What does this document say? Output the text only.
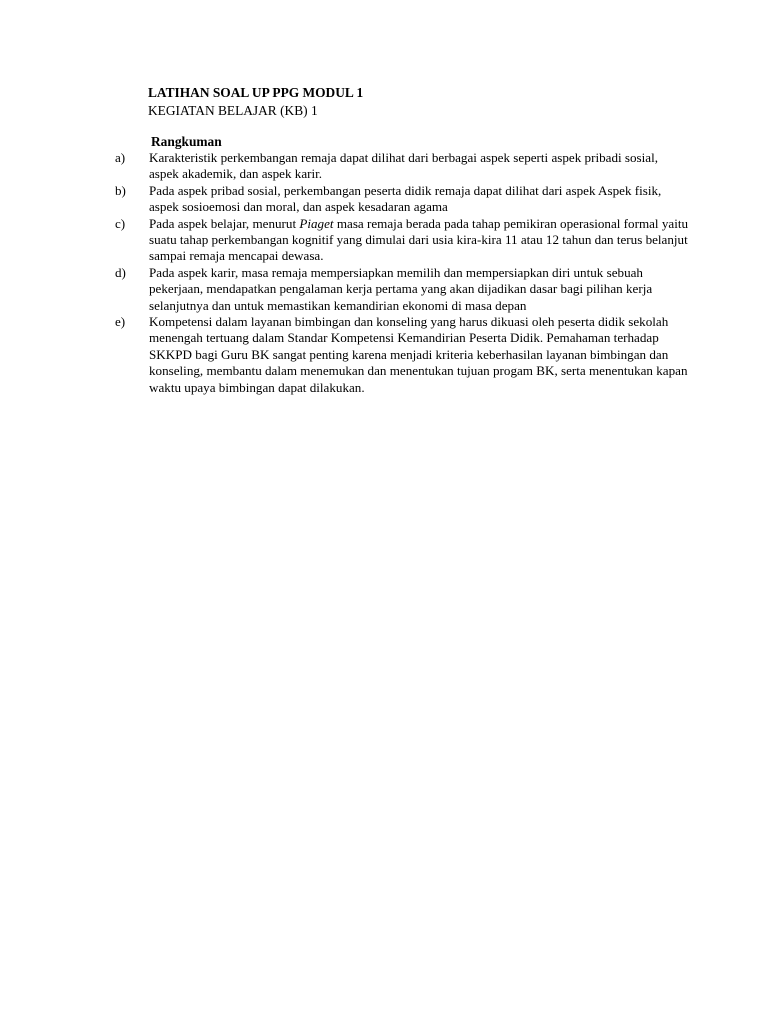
LATIHAN SOAL UP PPG MODUL 1

KEGIATAN BELAJAR (KB) 1

Rangkuman

a) Karakteristik perkembangan remaja dapat dilihat dari berbagai aspek seperti aspek pribadi sosial,
aspek akademik, dan aspek karir.
b) Pada aspek pribad sosial, perkembangan peserta didik remaja dapat dilihat dari aspek Aspek fisik,
aspek sosioemosi dan moral, dan aspek kesadaran agama
c) Pada aspek belajar, menurut Piaget masa remaja berada pada tahap pemikiran operasional formal yaitu
suatu tahap perkembangan kognitif yang dimulai dari usia kira-kira 11 atau 12 tahun dan terus belanjut
sampai remaja mencapai dewasa.
d) Pada aspek karir, masa remaja mempersiapkan memilih dan mempersiapkan diri untuk sebuah
pekerjaan, mendapatkan pengalaman kerja pertama yang akan dijadikan dasar bagi pilihan kerja
selanjutnya dan untuk memastikan kemandirian ekonomi di masa depan
e) Kompetensi dalam layanan bimbingan dan konseling yang harus dikuasi oleh peserta didik sekolah
menengah tertuang dalam Standar Kompetensi Kemandirian Peserta Didik. Pemahaman terhadap
SKKPD bagi Guru BK sangat penting karena menjadi kriteria keberhasilan layanan bimbingan dan
konseling, membantu dalam menemukan dan menentukan tujuan progam BK, serta menentukan kapan
waktu upaya bimbingan dapat dilakukan.
